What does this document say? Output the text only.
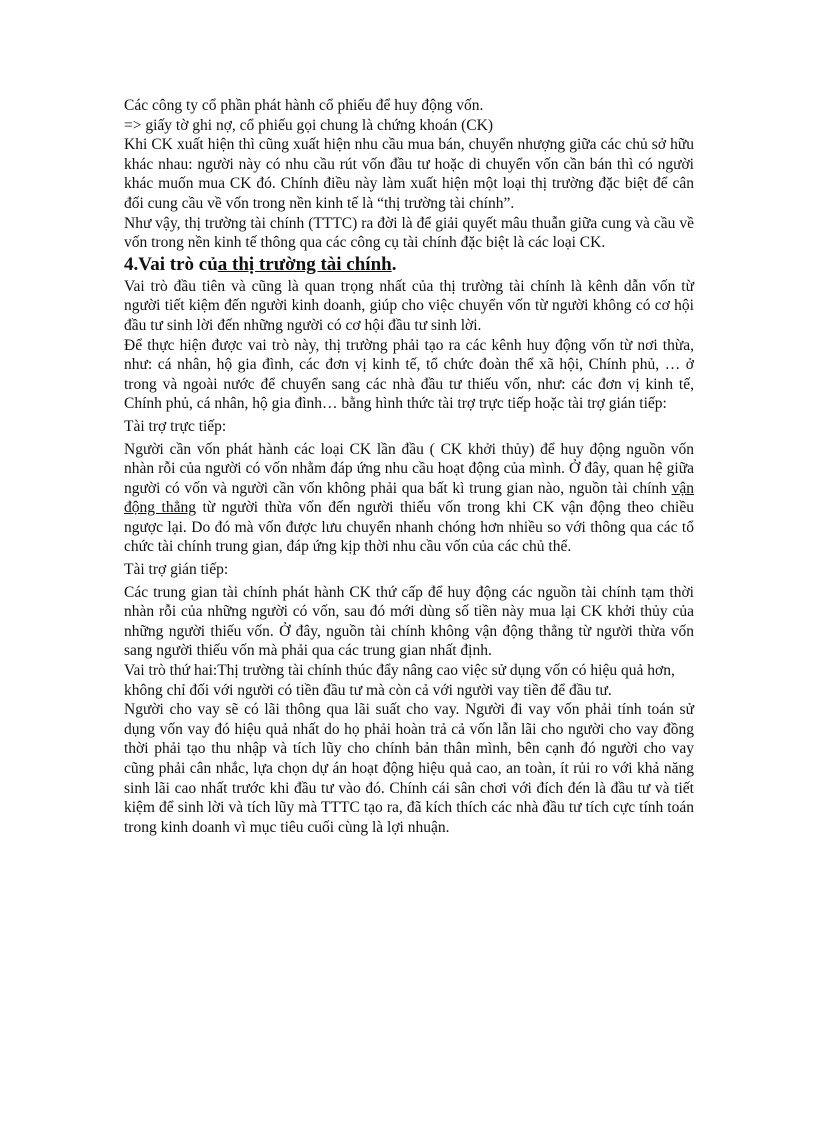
Các công ty cổ phần phát hành cổ phiếu để huy động vốn.

=> giấy tờ ghi nợ, cổ phiếu gọi chung là chứng khoán (CK)

Khi CK xuất hiện thì cũng xuất hiện nhu cầu mua bán, chuyển nhượng giữa các chủ sở hữu khác nhau: người này có nhu cầu rút vốn đầu tư hoặc di chuyển vốn cần bán thì có người khác muốn mua CK đó. Chính điều này làm xuất hiện một loại thị trường đặc biệt để cân đối cung cầu về vốn trong nền kinh tế là “thị trường tài chính”.

Như vậy, thị trường tài chính (TTTC) ra đời là để giải quyết mâu thuẫn giữa cung và cầu về vốn trong nền kinh tế thông qua các công cụ tài chính đặc biệt là các loại CK.

4.Vai trò của thị trường tài chính.

Vai trò đầu tiên và cũng là quan trọng nhất của thị trường tài chính là kênh dẫn vốn từ người tiết kiệm đến người kinh doanh, giúp cho việc chuyển vốn từ người không có cơ hội đầu tư sinh lời đến những người có cơ hội đầu tư sinh lời.

Để thực hiện được vai trò này, thị trường phải tạo ra các kênh huy động vốn từ nơi thừa, như: cá nhân, hộ gia đình, các đơn vị kinh tế, tổ chức đoàn thể xã hội, Chính phủ, … ở trong và ngoài nước để chuyển sang các nhà đầu tư thiếu vốn, như: các đơn vị kinh tế, Chính phủ, cá nhân, hộ gia đình… bằng hình thức tài trợ trực tiếp hoặc tài trợ gián tiếp:

Tài trợ trực tiếp:

Người cần vốn phát hành các loại CK lần đầu ( CK khởi thủy) để huy động nguồn vốn nhàn rỗi của người có vốn nhằm đáp ứng nhu cầu hoạt động của mình. Ở đây, quan hệ giữa người có vốn và người cần vốn không phải qua bất kì trung gian nào, nguồn tài chính vận động thẳng từ người thừa vốn đến người thiếu vốn trong khi CK vận động theo chiều ngược lại. Do đó mà vốn được lưu chuyển nhanh chóng hơn nhiều so với thông qua các tổ chức tài chính trung gian, đáp ứng kịp thời nhu cầu vốn của các chủ thể.

Tài trợ gián tiếp:

Các trung gian tài chính phát hành CK thứ cấp để huy động các nguồn tài chính tạm thời nhàn rỗi của những người có vốn, sau đó mới dùng số tiền này mua lại CK khởi thủy của những người thiếu vốn. Ở đây, nguồn tài chính không vận động thẳng từ người thừa vốn sang người thiếu vốn mà phải qua các trung gian nhất định.

Vai trò thứ hai:Thị trường tài chính thúc đẩy nâng cao việc sử dụng vốn có hiệu quả hơn, không chỉ đối với người có tiền đầu tư mà còn cả với người vay tiền để đầu tư.

Người cho vay sẽ có lãi thông qua lãi suất cho vay. Người đi vay vốn phải tính toán sử dụng vốn vay đó hiệu quả nhất do họ phải hoàn trả cả vốn lẫn lãi cho người cho vay đồng thời phải tạo thu nhập và tích lũy cho chính bản thân mình, bên cạnh đó người cho vay cũng phải cân nhắc, lựa chọn dự án hoạt động hiệu quả cao, an toàn, ít rủi ro với khả năng sinh lãi cao nhất trước khi đầu tư vào đó. Chính cái sân chơi với đích đén là đầu tư và tiết kiệm để sinh lời và tích lũy mà TTTC tạo ra, đã kích thích các nhà đầu tư tích cực tính toán trong kinh doanh vì mục tiêu cuối cùng là lợi nhuận.
